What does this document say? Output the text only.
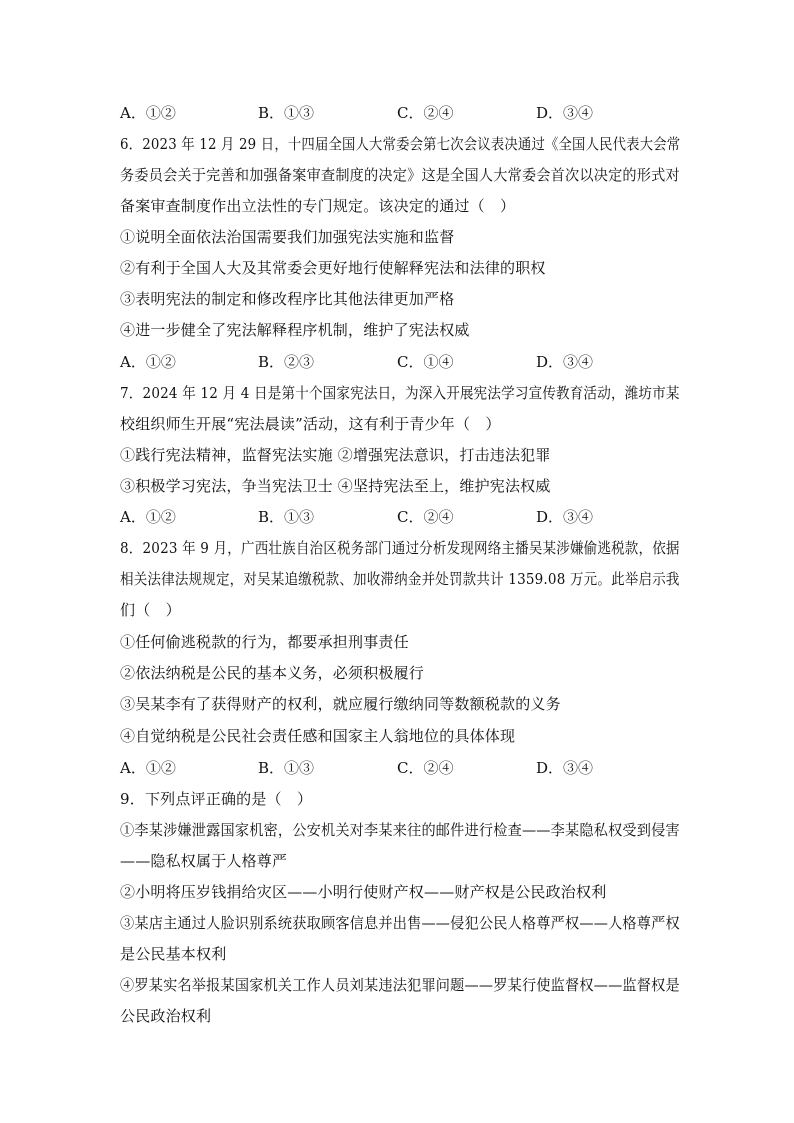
A．①②	B．①③	C．②④	D．③④
6．2023 年 12 月 29 日，十四届全国人大常委会第七次会议表决通过《全国人民代表大会常
务委员会关于完善和加强备案审查制度的决定》这是全国人大常委会首次以决定的形式对
备案审查制度作出立法性的专门规定。该决定的通过（　）
①说明全面依法治国需要我们加强宪法实施和监督
②有利于全国人大及其常委会更好地行使解释宪法和法律的职权
③表明宪法的制定和修改程序比其他法律更加严格
④进一步健全了宪法解释程序机制，维护了宪法权威
A．①②	B．②③	C．①④	D．③④
7．2024 年 12 月 4 日是第十个国家宪法日，为深入开展宪法学习宣传教育活动，潍坊市某
校组织师生开展“宪法晨读”活动，这有利于青少年（　）
①践行宪法精神，监督宪法实施 ②增强宪法意识，打击违法犯罪
③积极学习宪法，争当宪法卫士 ④坚持宪法至上，维护宪法权威
A．①②	B．①③	C．②④	D．③④
8．2023 年 9 月，广西壮族自治区税务部门通过分析发现网络主播吴某涉嫌偷逃税款，依据
相关法律法规规定，对吴某追缴税款、加收滞纳金并处罚款共计 1359.08 万元。此举启示我
们（　）
①任何偷逃税款的行为，都要承担刑事责任
②依法纳税是公民的基本义务，必须积极履行
③吴某李有了获得财产的权利，就应履行缴纳同等数额税款的义务
④自觉纳税是公民社会责任感和国家主人翁地位的具体体现
A．①②	B．①③	C．②④	D．③④
9．下列点评正确的是（　）
①李某涉嫌泄露国家机密，公安机关对李某来往的邮件进行检查——李某隐私权受到侵害
——隐私权属于人格尊严
②小明将压岁钱捐给灾区——小明行使财产权——财产权是公民政治权利
③某店主通过人脸识别系统获取顾客信息并出售——侵犯公民人格尊严权——人格尊严权
是公民基本权利
④罗某实名举报某国家机关工作人员刘某违法犯罪问题——罗某行使监督权——监督权是
公民政治权利
